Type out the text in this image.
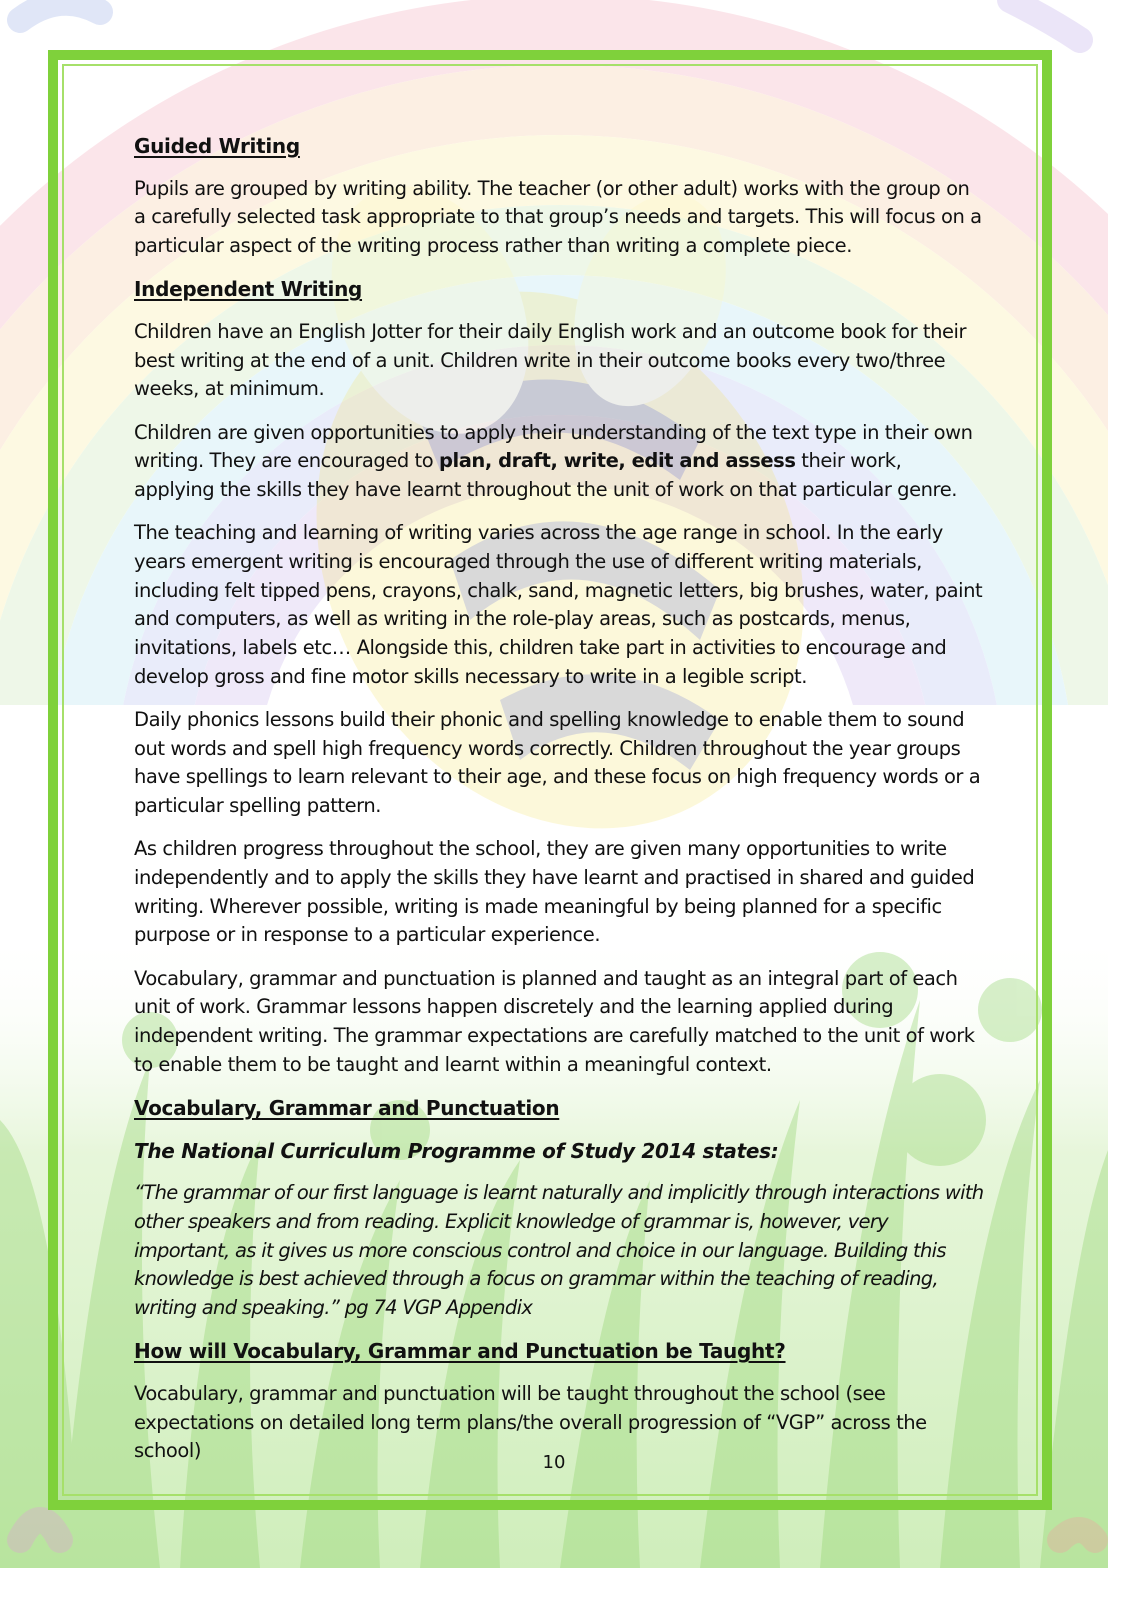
Guided Writing

Pupils are grouped by writing ability. The teacher (or other adult) works with the group on a carefully selected task appropriate to that group’s needs and targets. This will focus on a particular aspect of the writing process rather than writing a complete piece.

Independent Writing

Children have an English Jotter for their daily English work and an outcome book for their best writing at the end of a unit. Children write in their outcome books every two/three weeks, at minimum.

Children are given opportunities to apply their understanding of the text type in their own writing. They are encouraged to plan, draft, write, edit and assess their work, applying the skills they have learnt throughout the unit of work on that particular genre.

The teaching and learning of writing varies across the age range in school. In the early years emergent writing is encouraged through the use of different writing materials, including felt tipped pens, crayons, chalk, sand, magnetic letters, big brushes, water, paint and computers, as well as writing in the role-play areas, such as postcards, menus, invitations, labels etc… Alongside this, children take part in activities to encourage and develop gross and fine motor skills necessary to write in a legible script.

Daily phonics lessons build their phonic and spelling knowledge to enable them to sound out words and spell high frequency words correctly. Children throughout the year groups have spellings to learn relevant to their age, and these focus on high frequency words or a particular spelling pattern.

As children progress throughout the school, they are given many opportunities to write independently and to apply the skills they have learnt and practised in shared and guided writing. Wherever possible, writing is made meaningful by being planned for a specific purpose or in response to a particular experience.

Vocabulary, grammar and punctuation is planned and taught as an integral part of each unit of work. Grammar lessons happen discretely and the learning applied during independent writing. The grammar expectations are carefully matched to the unit of work to enable them to be taught and learnt within a meaningful context.

Vocabulary, Grammar and Punctuation
The National Curriculum Programme of Study 2014 states:

“The grammar of our first language is learnt naturally and implicitly through interactions with other speakers and from reading. Explicit knowledge of grammar is, however, very important, as it gives us more conscious control and choice in our language. Building this knowledge is best achieved through a focus on grammar within the teaching of reading, writing and speaking.” pg 74 VGP Appendix

How will Vocabulary, Grammar and Punctuation be Taught?

Vocabulary, grammar and punctuation will be taught throughout the school (see expectations on detailed long term plans/the overall progression of “VGP” across the school)

10
